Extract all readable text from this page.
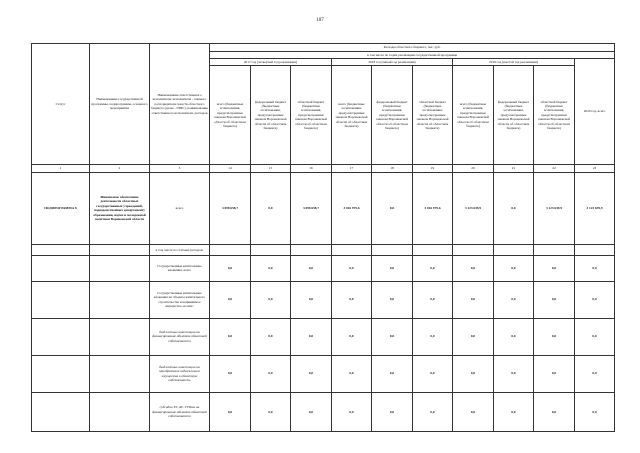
107
Статус	Наименование государственной программы, подпрограммы, основного мероприятия	Наименование ответственного исполнителя, исполнителя - главного распорядителя средств областного бюджета (далее - ГРБС), наименование ответственного исполнителя, расходов	Расходы областного бюджета, тыс. руб.									
			в том числе по годам реализации государственной программы									
			2017 год (четвертый год реализации)			2018 год (пятый год реализации)			2019 год (шестой год реализации)			2020 год, всего
			всего (бюджетные ассигнования, предусмотренные законом Воронежской области об областном бюджете)	федеральный бюджет (бюджетные ассигнования, предусмотренные законом Воронежской области об областном бюджете)	областной бюджет (бюджетные ассигнования, предусмотренные законом Воронежской области об областном бюджете)	всего (бюджетные ассигнования, предусмотренные законом Воронежской области об областном бюджете)	федеральный бюджет (бюджетные ассигнования, предусмотренные законом Воронежской области об областном бюджете)	областной бюджет (бюджетные ассигнования, предусмотренные законом Воронежской области об областном бюджете)	всего (бюджетные ассигнования, предусмотренные законом Воронежской области об областном бюджете)	федеральный бюджет (бюджетные ассигнования, предусмотренные законом Воронежской области об областном бюджете)	областной бюджет (бюджетные ассигнования, предусмотренные законом Воронежской области об областном бюджете)	
1	2	3	14	15	16	17	18	19	20	21	22	23
ПОДПРОГРАММА 8	Финансовое обеспечение деятельности областных государственных учреждений, подведомственных департаменту образования, науки и молодежной политики Воронежской области	всего	3 098 658,7	0,0	3 098 658,7	3 016 979,6	0,0	3 016 979,6	3 123 639,9	0,0	3 123 639,9	3 123 639,9
		в том числе по статьям расходов:										
		Государственные капитальные вложения, всего	0,0	0,0	0,0	0,0	0,0	0,0	0,0	0,0	0,0	0,0
		Государственные капитальные вложения на объекты капитального строительства и недвижимое имущество, из них:	0,0	0,0	0,0	0,0	0,0	0,0	0,0	0,0	0,0	0,0
		бюджетные инвестиции на финансирование объектов областной собственности	0,0	0,0	0,0	0,0	0,0	0,0	0,0	0,0	0,0	0,0
		бюджетные инвестиции на приобретение недвижимого имущества в областную собственность	0,0	0,0	0,0	0,0	0,0	0,0	0,0	0,0	0,0	0,0
		субсидии ЗУ, АУ, ГУПам на финансирование объектов областной собственности	0,0	0,0	0,0	0,0	0,0	0,0	0,0	0,0	0,0	0,0
